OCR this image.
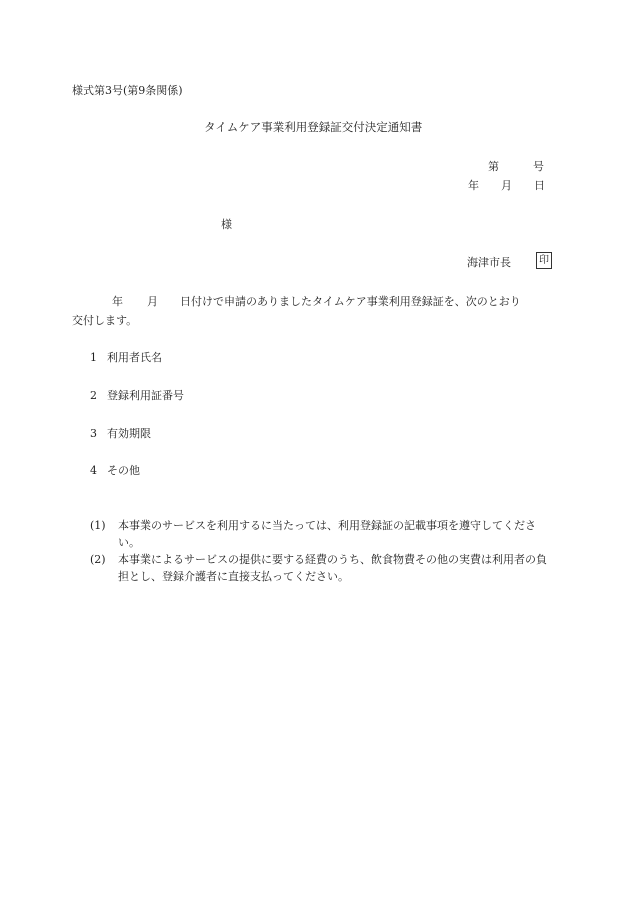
様式第3号(第9条関係)
タイムケア事業利用登録証交付決定通知書
第	号
年 月 日
様
海津市長	印
年 月 日付けで申請のありましたタイムケア事業利用登録証を、次のとおり
交付します。
1 利用者氏名
2 登録利用証番号
3 有効期限
4 その他
(1) 本事業のサービスを利用するに当たっては、利用登録証の記載事項を遵守してください。
(2) 本事業によるサービスの提供に要する経費のうち、飲食物費その他の実費は利用者の負担とし、登録介護者に直接支払ってください。
